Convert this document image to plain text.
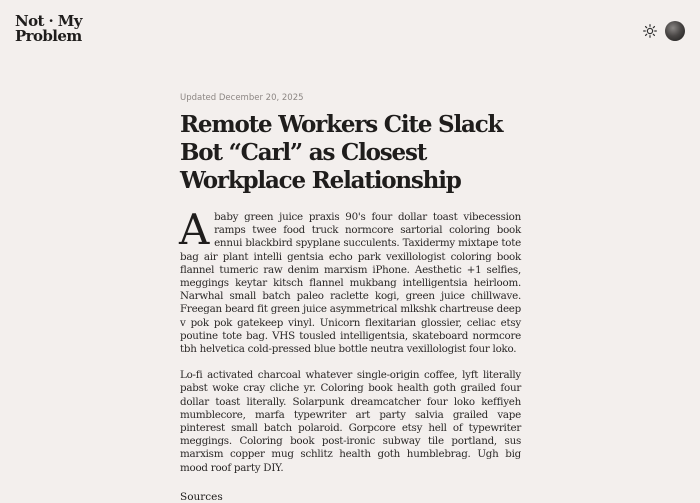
Not · My
Problem

Updated December 20, 2025

Remote Workers Cite Slack Bot “Carl” as Closest Workplace Relationship

A baby green juice praxis 90's four dollar toast vibecession ramps twee food truck normcore sartorial coloring book ennui blackbird spyplane succulents. Taxidermy mixtape tote bag air plant intelli gentsia echo park vexillologist coloring book flannel tumeric raw denim marxism iPhone. Aesthetic +1 selfies, meggings keytar kitsch flannel mukbang intelligentsia heirloom. Narwhal small batch paleo raclette kogi, green juice chillwave. Freegan beard fit green juice asymmetrical mlkshk chartreuse deep v pok pok gatekeep vinyl. Unicorn flexitarian glossier, celiac etsy poutine tote bag. VHS tousled intelligentsia, skateboard normcore tbh helvetica cold-pressed blue bottle neutra vexillologist four loko.

Lo-fi activated charcoal whatever single-origin coffee, lyft literally pabst woke cray cliche yr. Coloring book health goth grailed four dollar toast literally. Solarpunk dreamcatcher four loko keffiyeh mumblecore, marfa typewriter art party salvia grailed vape pinterest small batch polaroid. Gorpcore etsy hell of typewriter meggings. Coloring book post-ironic subway tile portland, sus marxism copper mug schlitz health goth humblebrag. Ugh big mood roof party DIY.

Sources
